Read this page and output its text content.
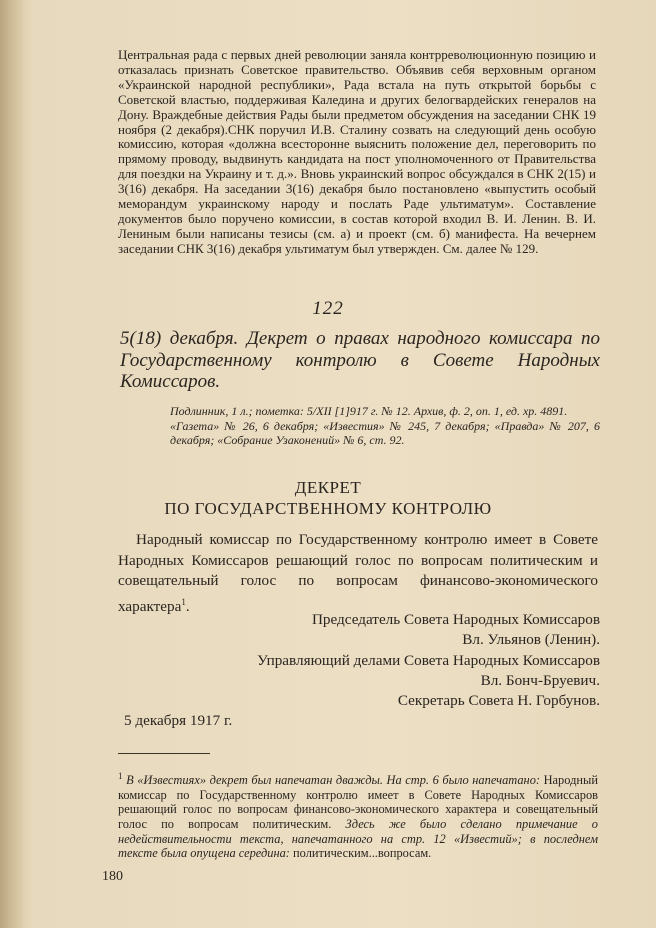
Центральная рада с первых дней революции заняла контрреволюционную позицию и отказалась признать Советское правительство. Объявив себя верховным органом «Украинской народной республики», Рада встала на путь открытой борьбы с Советской властью, поддерживая Каледина и других белогвардейских генералов на Дону. Враждебные действия Рады были предметом обсуждения на заседании СНК 19 ноября (2 декабря).СНК поручил И.В. Сталину созвать на следующий день особую комиссию, которая «должна всесторонне выяснить положение дел, переговорить по прямому проводу, выдвинуть кандидата на пост уполномоченного от Правительства для поездки на Украину и т. д.». Вновь украинский вопрос обсуждался в СНК 2(15) и 3(16) декабря. На заседании 3(16) декабря было постановлено «выпустить особый меморандум украинскому народу и послать Раде ультиматум». Составление документов было поручено комиссии, в состав которой входил В. И. Ленин. В. И. Лениным были написаны тезисы (см. а) и проект (см. б) манифеста. На вечернем заседании СНК 3(16) декабря ультиматум был утвержден. См. далее № 129.
122
5(18) декабря. Декрет о правах народного комиссара по Государственному контролю в Совете Народных Комиссаров.
Подлинник, 1 л.; пометка: 5/XII [1]917 г. № 12. Архив, ф. 2, оп. 1, ед. хр. 4891.
«Газета» № 26, 6 декабря; «Известия» № 245, 7 декабря; «Правда» № 207, 6 декабря; «Собрание Узаконений» № 6, ст. 92.
ДЕКРЕТ
ПО ГОСУДАРСТВЕННОМУ КОНТРОЛЮ
Народный комиссар по Государственному контролю имеет в Совете Народных Комиссаров решающий голос по вопросам политическим и совещательный голос по вопросам финансово-экономического характера$^1$.
Председатель Совета Народных Комиссаров
Вл. Ульянов (Ленин).
Управляющий делами Совета Народных Комиссаров
Вл. Бонч-Бруевич.
Секретарь Совета Н. Горбунов.
5 декабря 1917 г.
$^1$ В «Известиях» декрет был напечатан дважды. На стр. 6 было напечатано: Народный комиссар по Государственному контролю имеет в Совете Народных Комиссаров решающий голос по вопросам финансово-экономического характера и совещательный голос по вопросам политическим. Здесь же было сделано примечание о недействительности текста, напечатанного на стр. 12 «Известий»; в последнем тексте была опущена середина: политическим...вопросам.
180
